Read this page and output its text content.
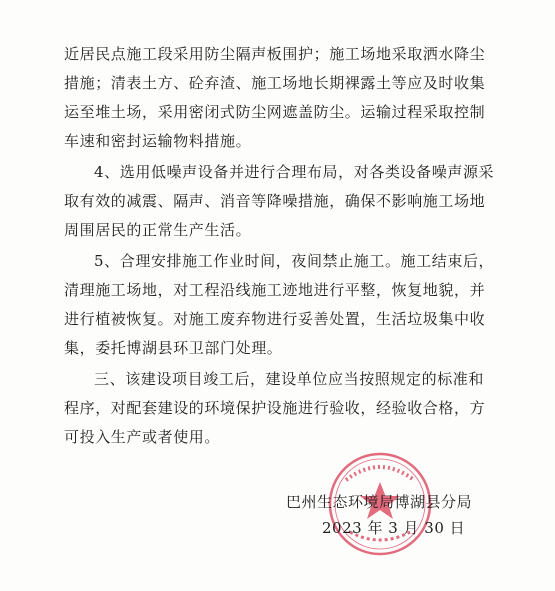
近居民点施工段采用防尘隔声板围护；施工场地采取洒水降尘
措施；清表土方、砼弃渣、施工场地长期裸露土等应及时收集
运至堆土场，采用密闭式防尘网遮盖防尘。运输过程采取控制
车速和密封运输物料措施。
4、选用低噪声设备并进行合理布局，对各类设备噪声源采
取有效的减震、隔声、消音等降噪措施，确保不影响施工场地
周围居民的正常生产生活。
5、合理安排施工作业时间，夜间禁止施工。施工结束后，
清理施工场地，对工程沿线施工迹地进行平整，恢复地貌，并
进行植被恢复。对施工废弃物进行妥善处置，生活垃圾集中收
集，委托博湖县环卫部门处理。
三、该建设项目竣工后，建设单位应当按照规定的标准和
程序，对配套建设的环境保护设施进行验收，经验收合格，方
可投入生产或者使用。
巴州生态环境局博湖县分局
2023 年 3 月 30 日
